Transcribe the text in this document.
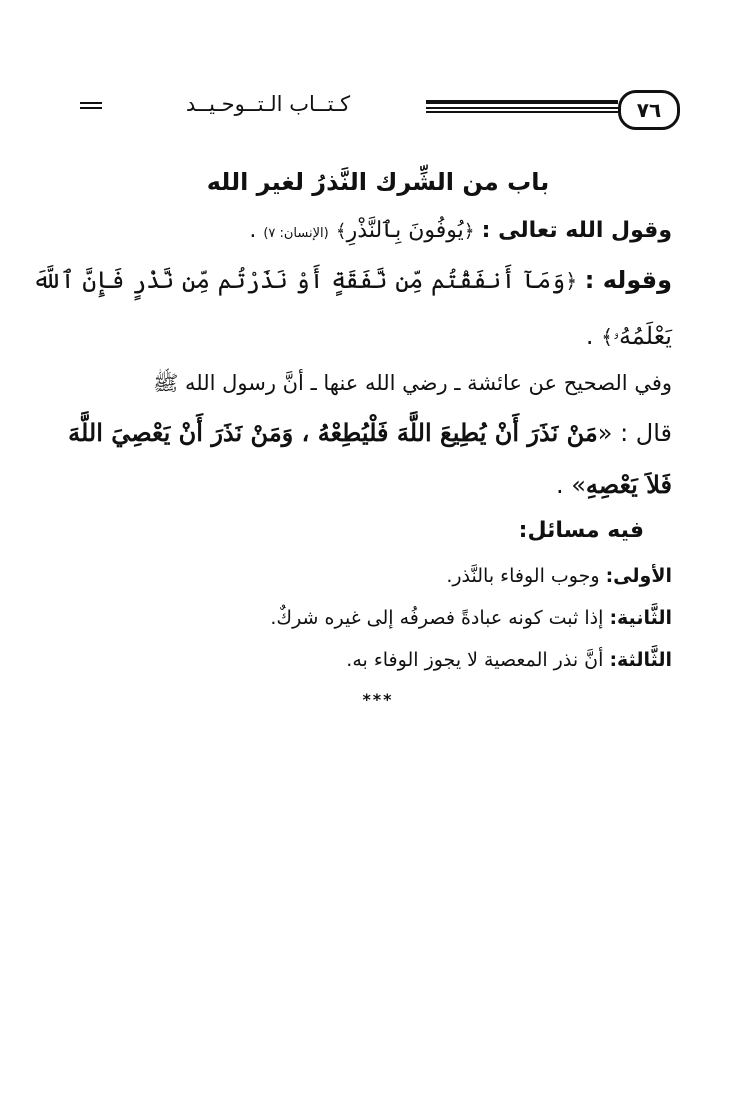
٧٦
كـتــاب الـتــوحـيــد
باب من الشِّرك النَّذرُ لغير الله
وقول الله تعالى : ﴿يُوفُونَ بِٱلنَّذْرِ﴾ (الإنسان: ٧) .
وقوله : ﴿وَمَآ أَنفَقْتُم مِّن نَّفَقَةٍ أَوْ نَذَرْتُم مِّن نَّذْرٍ فَإِنَّ ٱللَّهَ
يَعْلَمُهُۥ﴾ .
وفي الصحيح عن عائشة ـ رضي الله عنها ـ أنَّ رسول الله ﷺ
قال : «مَنْ نَذَرَ أَنْ يُطِيعَ اللَّهَ فَلْيُطِعْهُ ، وَمَنْ نَذَرَ أَنْ يَعْصِيَ اللَّهَ
فَلاَ يَعْصِهِ» .
فيه مسائل:
الأولى: وجوب الوفاء بالنَّذر.
الثَّانية: إذا ثبت كونه عبادةً فصرفُه إلى غيره شركٌ.
الثَّالثة: أنَّ نذر المعصية لا يجوز الوفاء به.
***
